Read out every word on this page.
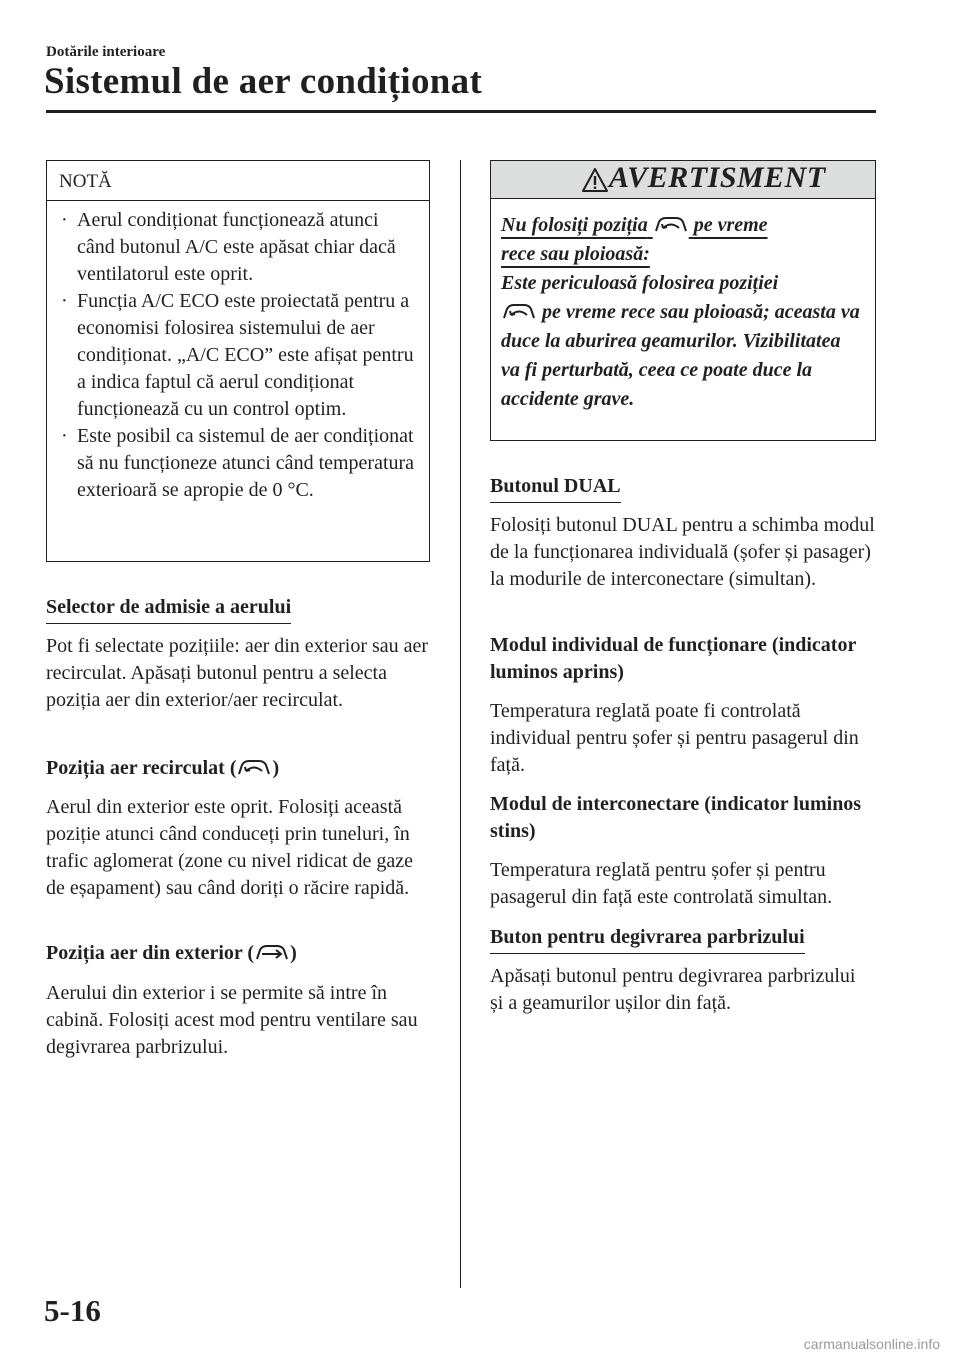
Dotările interioare
Sistemul de aer condiționat
NOTĂ
· Aerul condiționat funcționează atunci când butonul A/C este apăsat chiar dacă ventilatorul este oprit.
· Funcția A/C ECO este proiectată pentru a economisi folosirea sistemului de aer condiționat. „A/C ECO” este afișat pentru a indica faptul că aerul condiționat funcționează cu un control optim.
· Este posibil ca sistemul de aer condiționat să nu funcționeze atunci când temperatura exterioară se apropie de 0 °C.
Selector de admisie a aerului
Pot fi selectate pozițiile: aer din exterior sau aer recirculat. Apăsați butonul pentru a selecta poziția aer din exterior/aer recirculat.
Poziția aer recirculat ( )
Aerul din exterior este oprit. Folosiți această poziție atunci când conduceți prin tuneluri, în trafic aglomerat (zone cu nivel ridicat de gaze de eșapament) sau când doriți o răcire rapidă.
Poziția aer din exterior ( )
Aerului din exterior i se permite să intre în cabină. Folosiți acest mod pentru ventilare sau degivrarea parbrizului.
AVERTISMENT
Nu folosiți poziția pe vreme
rece sau ploioasă:
Este periculoasă folosirea poziției
pe vreme rece sau ploioasă; aceasta va duce la aburirea geamurilor. Vizibilitatea va fi perturbată, ceea ce poate duce la accidente grave.
Butonul DUAL
Folosiți butonul DUAL pentru a schimba modul de la funcționarea individuală (șofer și pasager) la modurile de interconectare (simultan).
Modul individual de funcționare (indicator luminos aprins)
Temperatura reglată poate fi controlată individual pentru șofer și pentru pasagerul din față.
Modul de interconectare (indicator luminos stins)
Temperatura reglată pentru șofer și pentru pasagerul din față este controlată simultan.
Buton pentru degivrarea parbrizului
Apăsați butonul pentru degivrarea parbrizului și a geamurilor ușilor din față.
5-16
carmanualsonline.info
